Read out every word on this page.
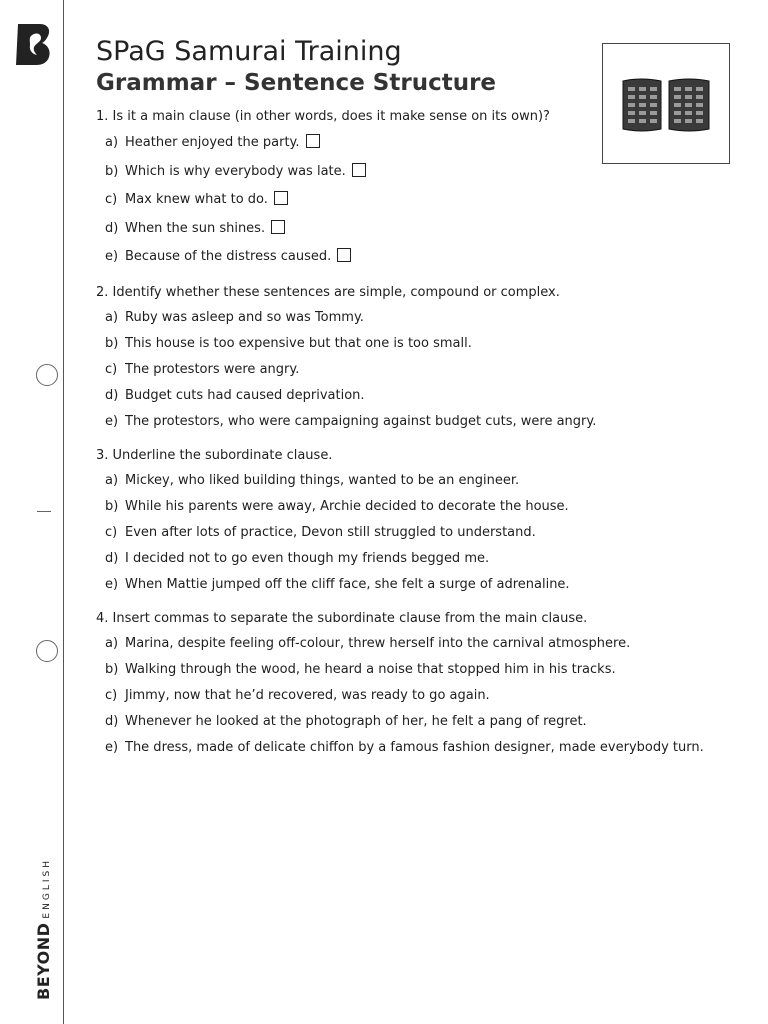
BEYONDENGLISH
SPaG Samurai Training
Grammar – Sentence Structure

1. Is it a main clause (in other words, does it make sense on its own)?

a) Heather enjoyed the party.
b) Which is why everybody was late.
c) Max knew what to do.
d) When the sun shines.
e) Because of the distress caused.

2. Identify whether these sentences are simple, compound or complex.

a) Ruby was asleep and so was Tommy.
b) This house is too expensive but that one is too small.
c) The protestors were angry.
d) Budget cuts had caused deprivation.
e) The protestors, who were campaigning against budget cuts, were angry.

3. Underline the subordinate clause.

a) Mickey, who liked building things, wanted to be an engineer.
b) While his parents were away, Archie decided to decorate the house.
c) Even after lots of practice, Devon still struggled to understand.
d) I decided not to go even though my friends begged me.
e) When Mattie jumped off the cliff face, she felt a surge of adrenaline.

4. Insert commas to separate the subordinate clause from the main clause.

a) Marina, despite feeling off-colour, threw herself into the carnival atmosphere.
b) Walking through the wood, he heard a noise that stopped him in his tracks.
c) Jimmy, now that he’d recovered, was ready to go again.
d) Whenever he looked at the photograph of her, he felt a pang of regret.
e) The dress, made of delicate chiffon by a famous fashion designer, made everybody turn.
